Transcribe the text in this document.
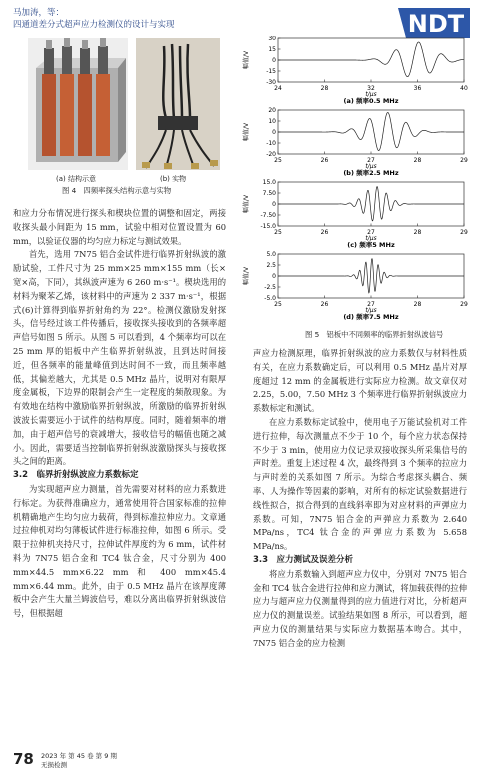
马加涛，等：
四通道差分式超声应力检测仪的设计与实现	NDT
(a) 结构示意	(b) 实物
图 4　四频率探头结构示意与实物

和应力分布情况进行探头和楔块位置的调整和固定，两接收探头最小间距为 15 mm，试验中相对位置设置为 60 mm，以验证仪器的均匀应力标定与测试效果。

首先，选用 7N75 铝合金试件进行临界折射纵波的激励试验，工件尺寸为 25 mm×25 mm×155 mm（长×宽×高，下同），其纵波声速为 6 260 m·s⁻¹。楔块选用的材料为聚苯乙烯，该材料中的声速为 2 337 m·s⁻¹，根据式(6)计算得到临界折射角约为 22°。检测仪激励发射探头，信号经过该工件传播后，接收探头接收到的各频率超声信号如图 5 所示。从图 5 可以看到，4 个频率均可以在 25 mm 厚的铝板中产生临界折射纵波，且到达时间接近，但各频率的能量峰值到达时间不一致，而且频率越低，其偏差越大，尤其是 0.5 MHz 晶片，说明对有限厚度金属板，下边界的限制会产生一定程度的频散现象。为有效地在结构中激励临界折射纵波，所激励的临界折射纵波波长需要远小于试件的结构厚度。同时，随着频率的增加，由于超声信号的衰减增大，接收信号的幅值也随之减小。因此，需要适当控制临界折射纵波激励探头与接收探头之间的距离。

3.2　临界折射纵波应力系数标定

为实现超声应力测量，首先需要对材料的应力系数进行标定。为获得准确应力，通常使用符合国家标准的拉伸机精确地产生均匀应力载荷，得到标准拉伸应力。文章通过拉伸机对均匀薄板试件进行标准拉伸，如图 6 所示。受限于拉伸机夹持尺寸，拉伸试件厚度约为 6 mm，试件材料为 7N75 铝合金和 TC4 钛合金，尺寸分别为 400 mm×44.5 mm×6.22 mm 和 400 mm×45.4 mm×6.44 mm。此外，由于 0.5 MHz 晶片在该厚度薄板中会产生大量兰姆波信号，难以分离出临界折射纵波信号，但根据超

24	28	32	36	40
-30
-15
0
15
30
t/μs
幅值/V
(a) 频率0.5 MHz
25	26	27	28	29
-20
-10
0
10
20
t/μs
幅值/V
(b) 频率2.5 MHz
25	26	27	28	29
-15.0
-7.50
0
7.50
15.0
t/μs
幅值/V
(c) 频率5 MHz
25	26	27	28	29
-5.0
-2.5
0
2.5
5.0
t/μs
幅值/V
(d) 频率7.5 MHz
图 5　铝板中不同频率的临界折射纵波信号

声应力检测原理，临界折射纵波的应力系数仅与材料性质有关，在应力系数确定后，可以利用 0.5 MHz 晶片对厚度超过 12 mm 的金属板进行实际应力检测。故文章仅对 2.25，5.00，7.50 MHz 3 个频率进行临界折射纵波应力系数标定和测试。

在应力系数标定试验中，使用电子万能试验机对工件进行拉伸，每次测量点不少于 10 个，每个应力状态保持不少于 3 min，使用应力仪记录双接收探头所采集信号的声时差。重复上述过程 4 次，最终得到 3 个频率的拉应力与声时差的关系如图 7 所示。为综合考虑探头耦合、频率、人为操作等因素的影响，对所有的标定试验数据进行线性拟合，拟合得到的直线斜率即为对应材料的声弹应力系数。可知，7N75 铝合金的声弹应力系数为 2.640 MPa/ns，TC4 钛合金的声弹应力系数为 5.658 MPa/ns。

3.3　应力测试及误差分析

将应力系数输入到超声应力仪中，分别对 7N75 铝合金和 TC4 钛合金进行拉伸和应力测试，将加载获得的拉伸应力与超声应力仪测量得到的应力值进行对比，分析超声应力仪的测量误差。试验结果如图 8 所示，可以看到，超声应力仪的测量结果与实际应力数据基本吻合。其中，7N75 铝合金的应力检测

78 2023 年 第 45 卷 第 9 期
无损检测
